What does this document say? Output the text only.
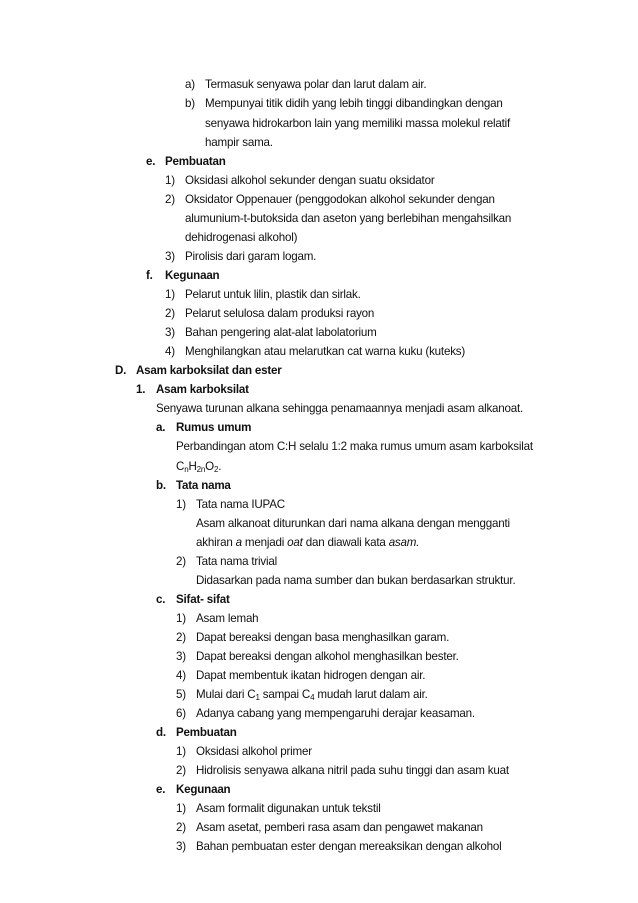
a) Termasuk senyawa polar dan larut dalam air.
b) Mempunyai titik didih yang lebih tinggi dibandingkan dengan
senyawa hidrokarbon lain yang memiliki massa molekul relatif
hampir sama.
e. Pembuatan
1) Oksidasi alkohol sekunder dengan suatu oksidator
2) Oksidator Oppenauer (penggodokan alkohol sekunder dengan
alumunium-t-butoksida dan aseton yang berlebihan mengahsilkan
dehidrogenasi alkohol)
3) Pirolisis dari garam logam.
f. Kegunaan
1) Pelarut untuk lilin, plastik dan sirlak.
2) Pelarut selulosa dalam produksi rayon
3) Bahan pengering alat-alat labolatorium
4) Menghilangkan atau melarutkan cat warna kuku (kuteks)
D. Asam karboksilat dan ester
1. Asam karboksilat
Senyawa turunan alkana sehingga penamaannya menjadi asam alkanoat.
a. Rumus umum
Perbandingan atom C:H selalu 1:2 maka rumus umum asam karboksilat
$C_nH_{2n}O_2$.
b. Tata nama
1) Tata nama IUPAC
Asam alkanoat diturunkan dari nama alkana dengan mengganti
akhiran a menjadi oat dan diawali kata asam.
2) Tata nama trivial
Didasarkan pada nama sumber dan bukan berdasarkan struktur.
c. Sifat- sifat
1) Asam lemah
2) Dapat bereaksi dengan basa menghasilkan garam.
3) Dapat bereaksi dengan alkohol menghasilkan bester.
4) Dapat membentuk ikatan hidrogen dengan air.
5) Mulai dari $C_1$ sampai $C_4$ mudah larut dalam air.
6) Adanya cabang yang mempengaruhi derajar keasaman.
d. Pembuatan
1) Oksidasi alkohol primer
2) Hidrolisis senyawa alkana nitril pada suhu tinggi dan asam kuat
e. Kegunaan
1) Asam formalit digunakan untuk tekstil
2) Asam asetat, pemberi rasa asam dan pengawet makanan
3) Bahan pembuatan ester dengan mereaksikan dengan alkohol
